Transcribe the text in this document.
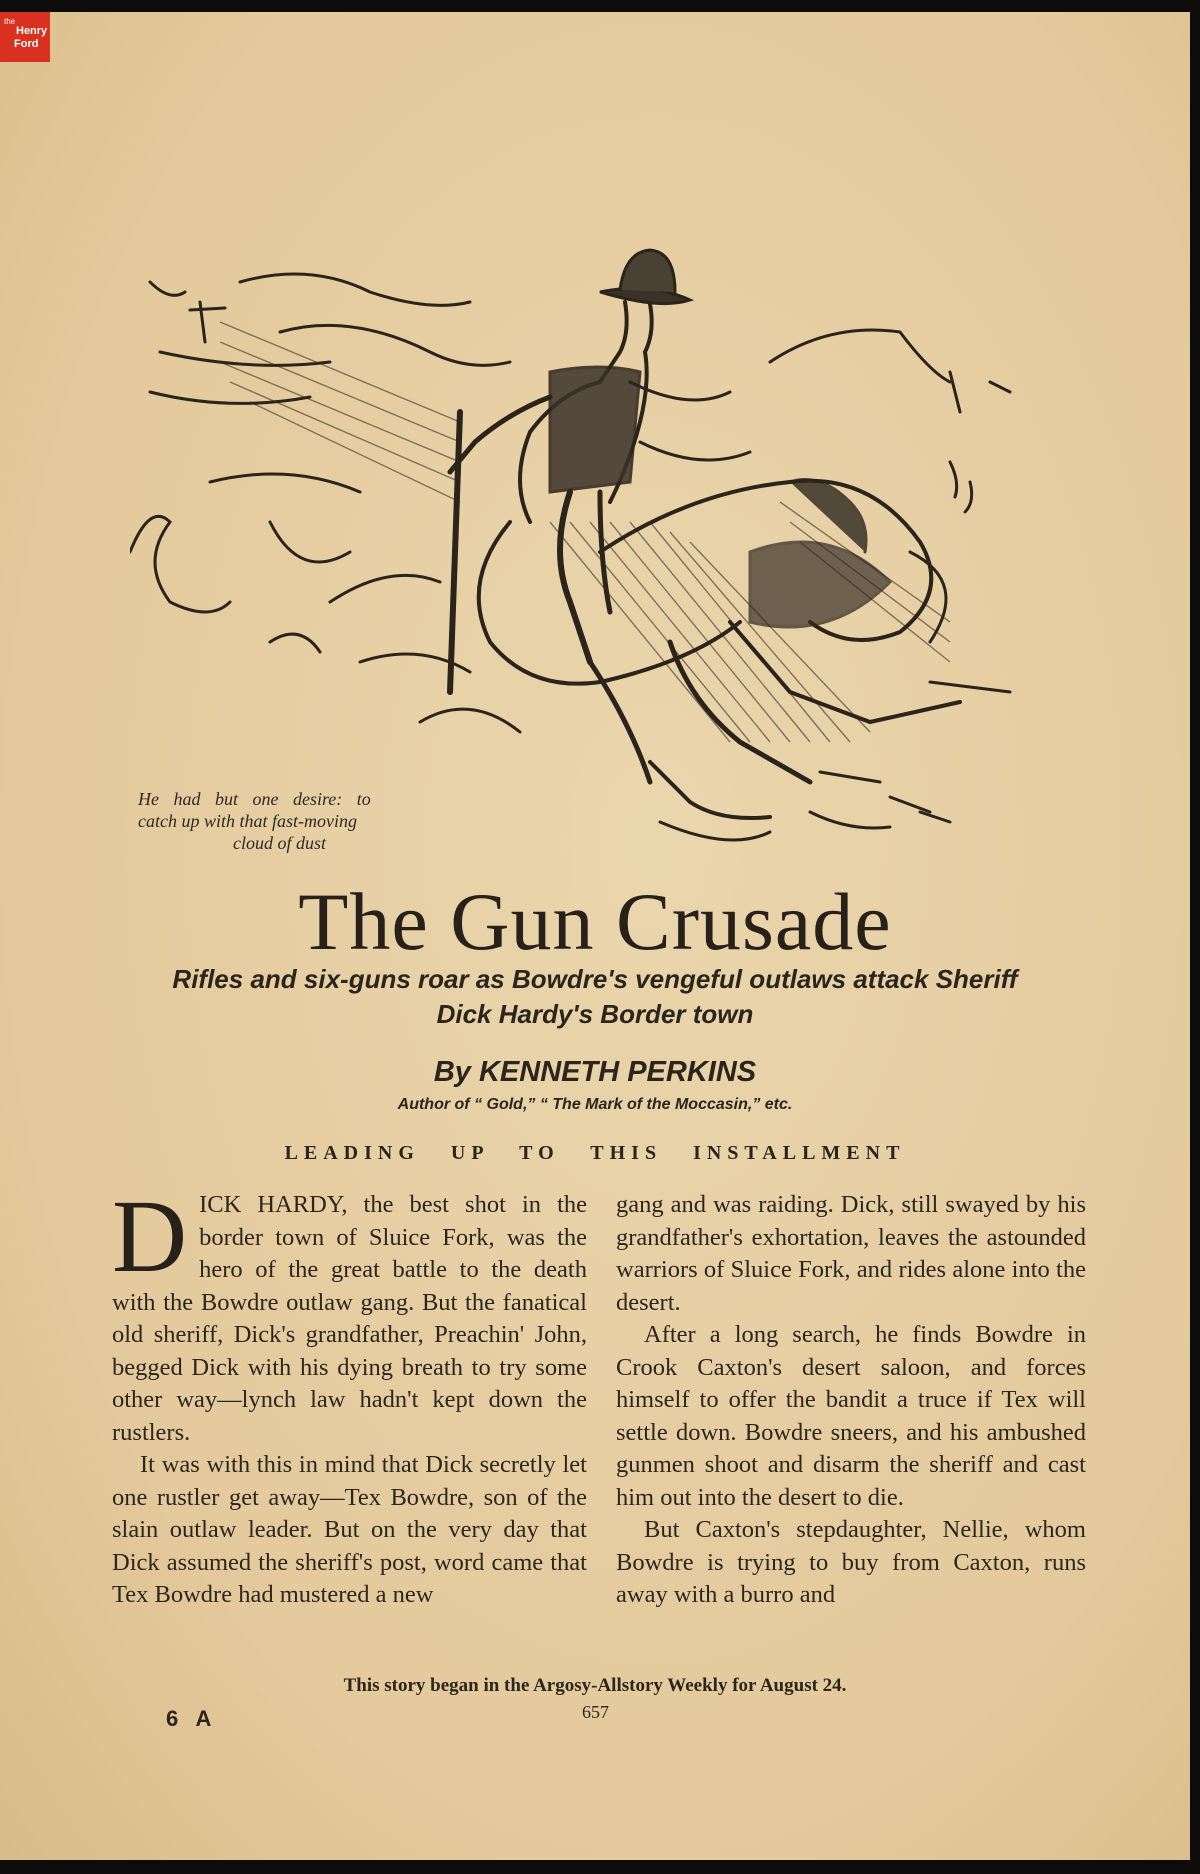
the
Henry
Ford
He had but one desire: to
catch up with that fast-moving
cloud of dust
The Gun Crusade
Rifles and six-guns roar as Bowdre's vengeful outlaws attack Sheriff
Dick Hardy's Border town
By KENNETH PERKINS
Author of “ Gold,” “ The Mark of the Moccasin,” etc.
LEADING UP TO THIS INSTALLMENT

DICK HARDY, the best shot in the border town of Sluice Fork, was the hero of the great battle to the death with the Bowdre outlaw gang. But the fanatical old sheriff, Dick's grandfather, Preachin' John, begged Dick with his dying breath to try some other way—lynch law hadn't kept down the rustlers.

It was with this in mind that Dick secretly let one rustler get away—Tex Bowdre, son of the slain outlaw leader. But on the very day that Dick assumed the sheriff's post, word came that Tex Bowdre had mustered a new

gang and was raiding. Dick, still swayed by his grandfather's exhortation, leaves the astounded warriors of Sluice Fork, and rides alone into the desert.

After a long search, he finds Bowdre in Crook Caxton's desert saloon, and forces himself to offer the bandit a truce if Tex will settle down. Bowdre sneers, and his ambushed gunmen shoot and disarm the sheriff and cast him out into the desert to die.

But Caxton's stepdaughter, Nellie, whom Bowdre is trying to buy from Caxton, runs away with a burro and

This story began in the Argosy-Allstory Weekly for August 24.
6 A	657
